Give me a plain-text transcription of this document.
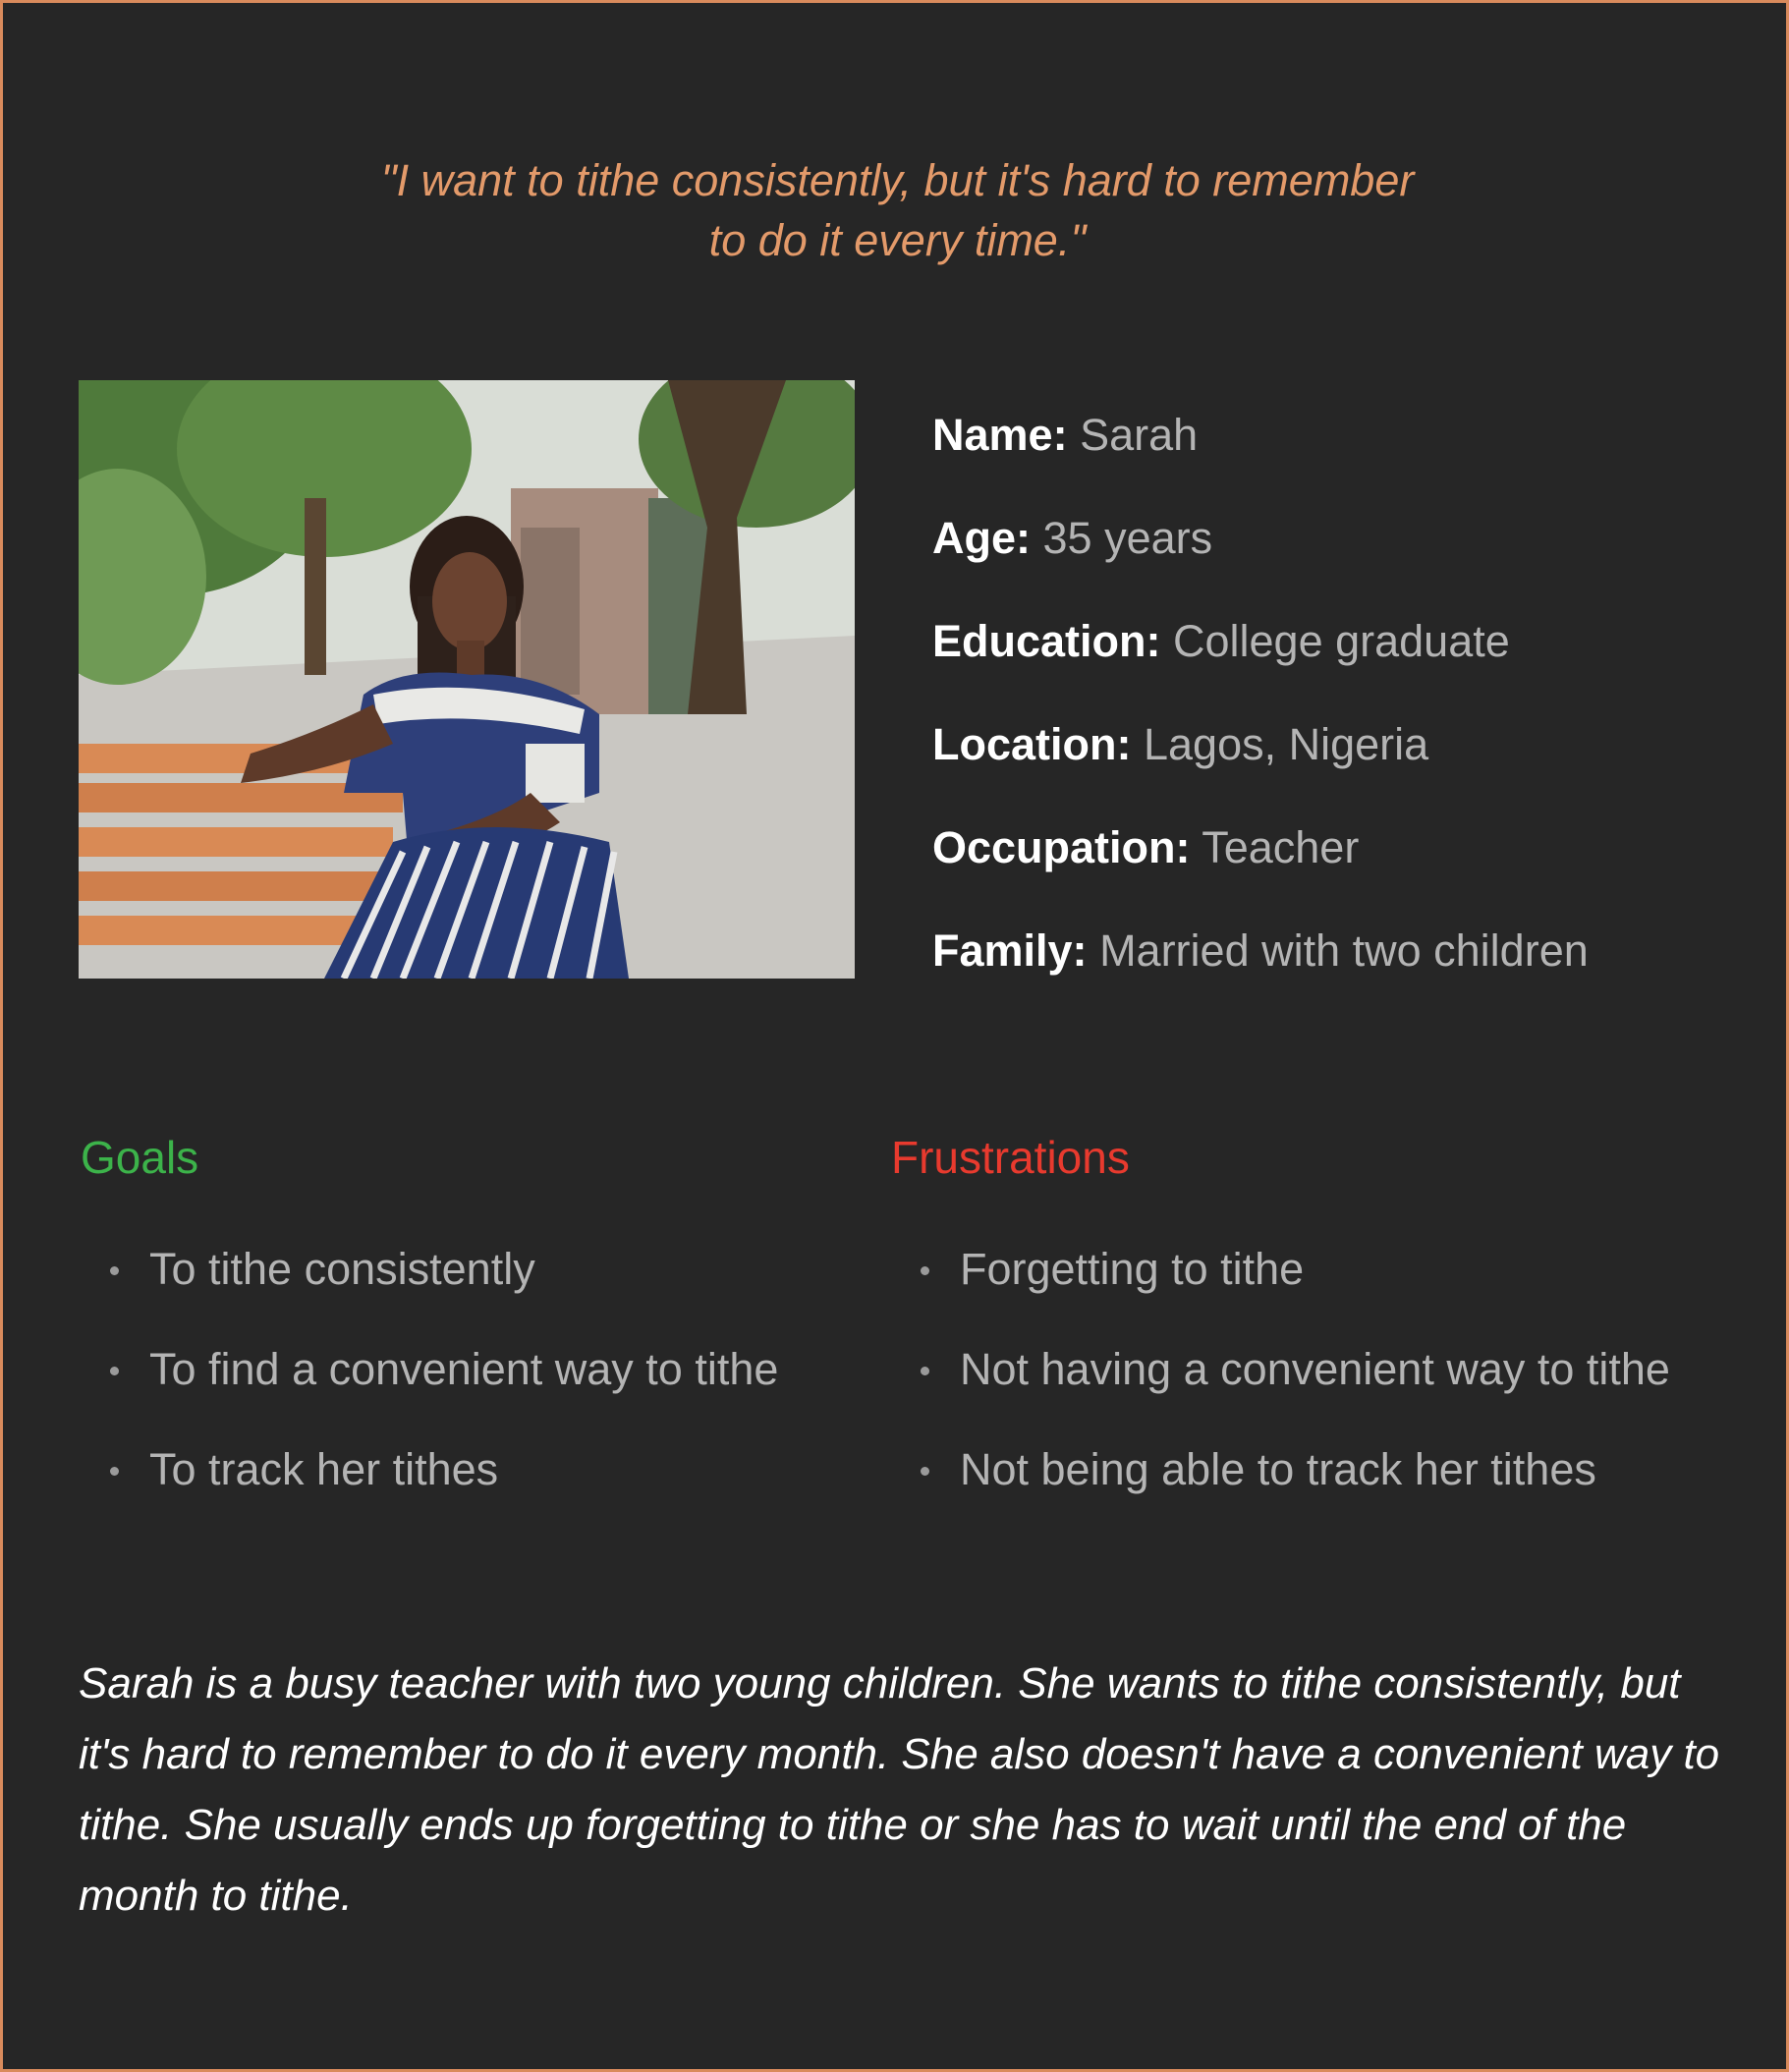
"I want to tithe consistently, but it's hard to remember
to do it every time."
Name: Sarah
Age: 35 years
Education: College graduate
Location: Lagos, Nigeria
Occupation: Teacher
Family: Married with two children
Goals
To tithe consistently
To find a convenient way to tithe
To track her tithes
Frustrations
Forgetting to tithe
Not having a convenient way to tithe
Not being able to track her tithes

Sarah is a busy teacher with two young children. She wants to tithe consistently, but it's hard to remember to do it every month. She also doesn't have a convenient way to tithe. She usually ends up forgetting to tithe or she has to wait until the end of the month to tithe.
